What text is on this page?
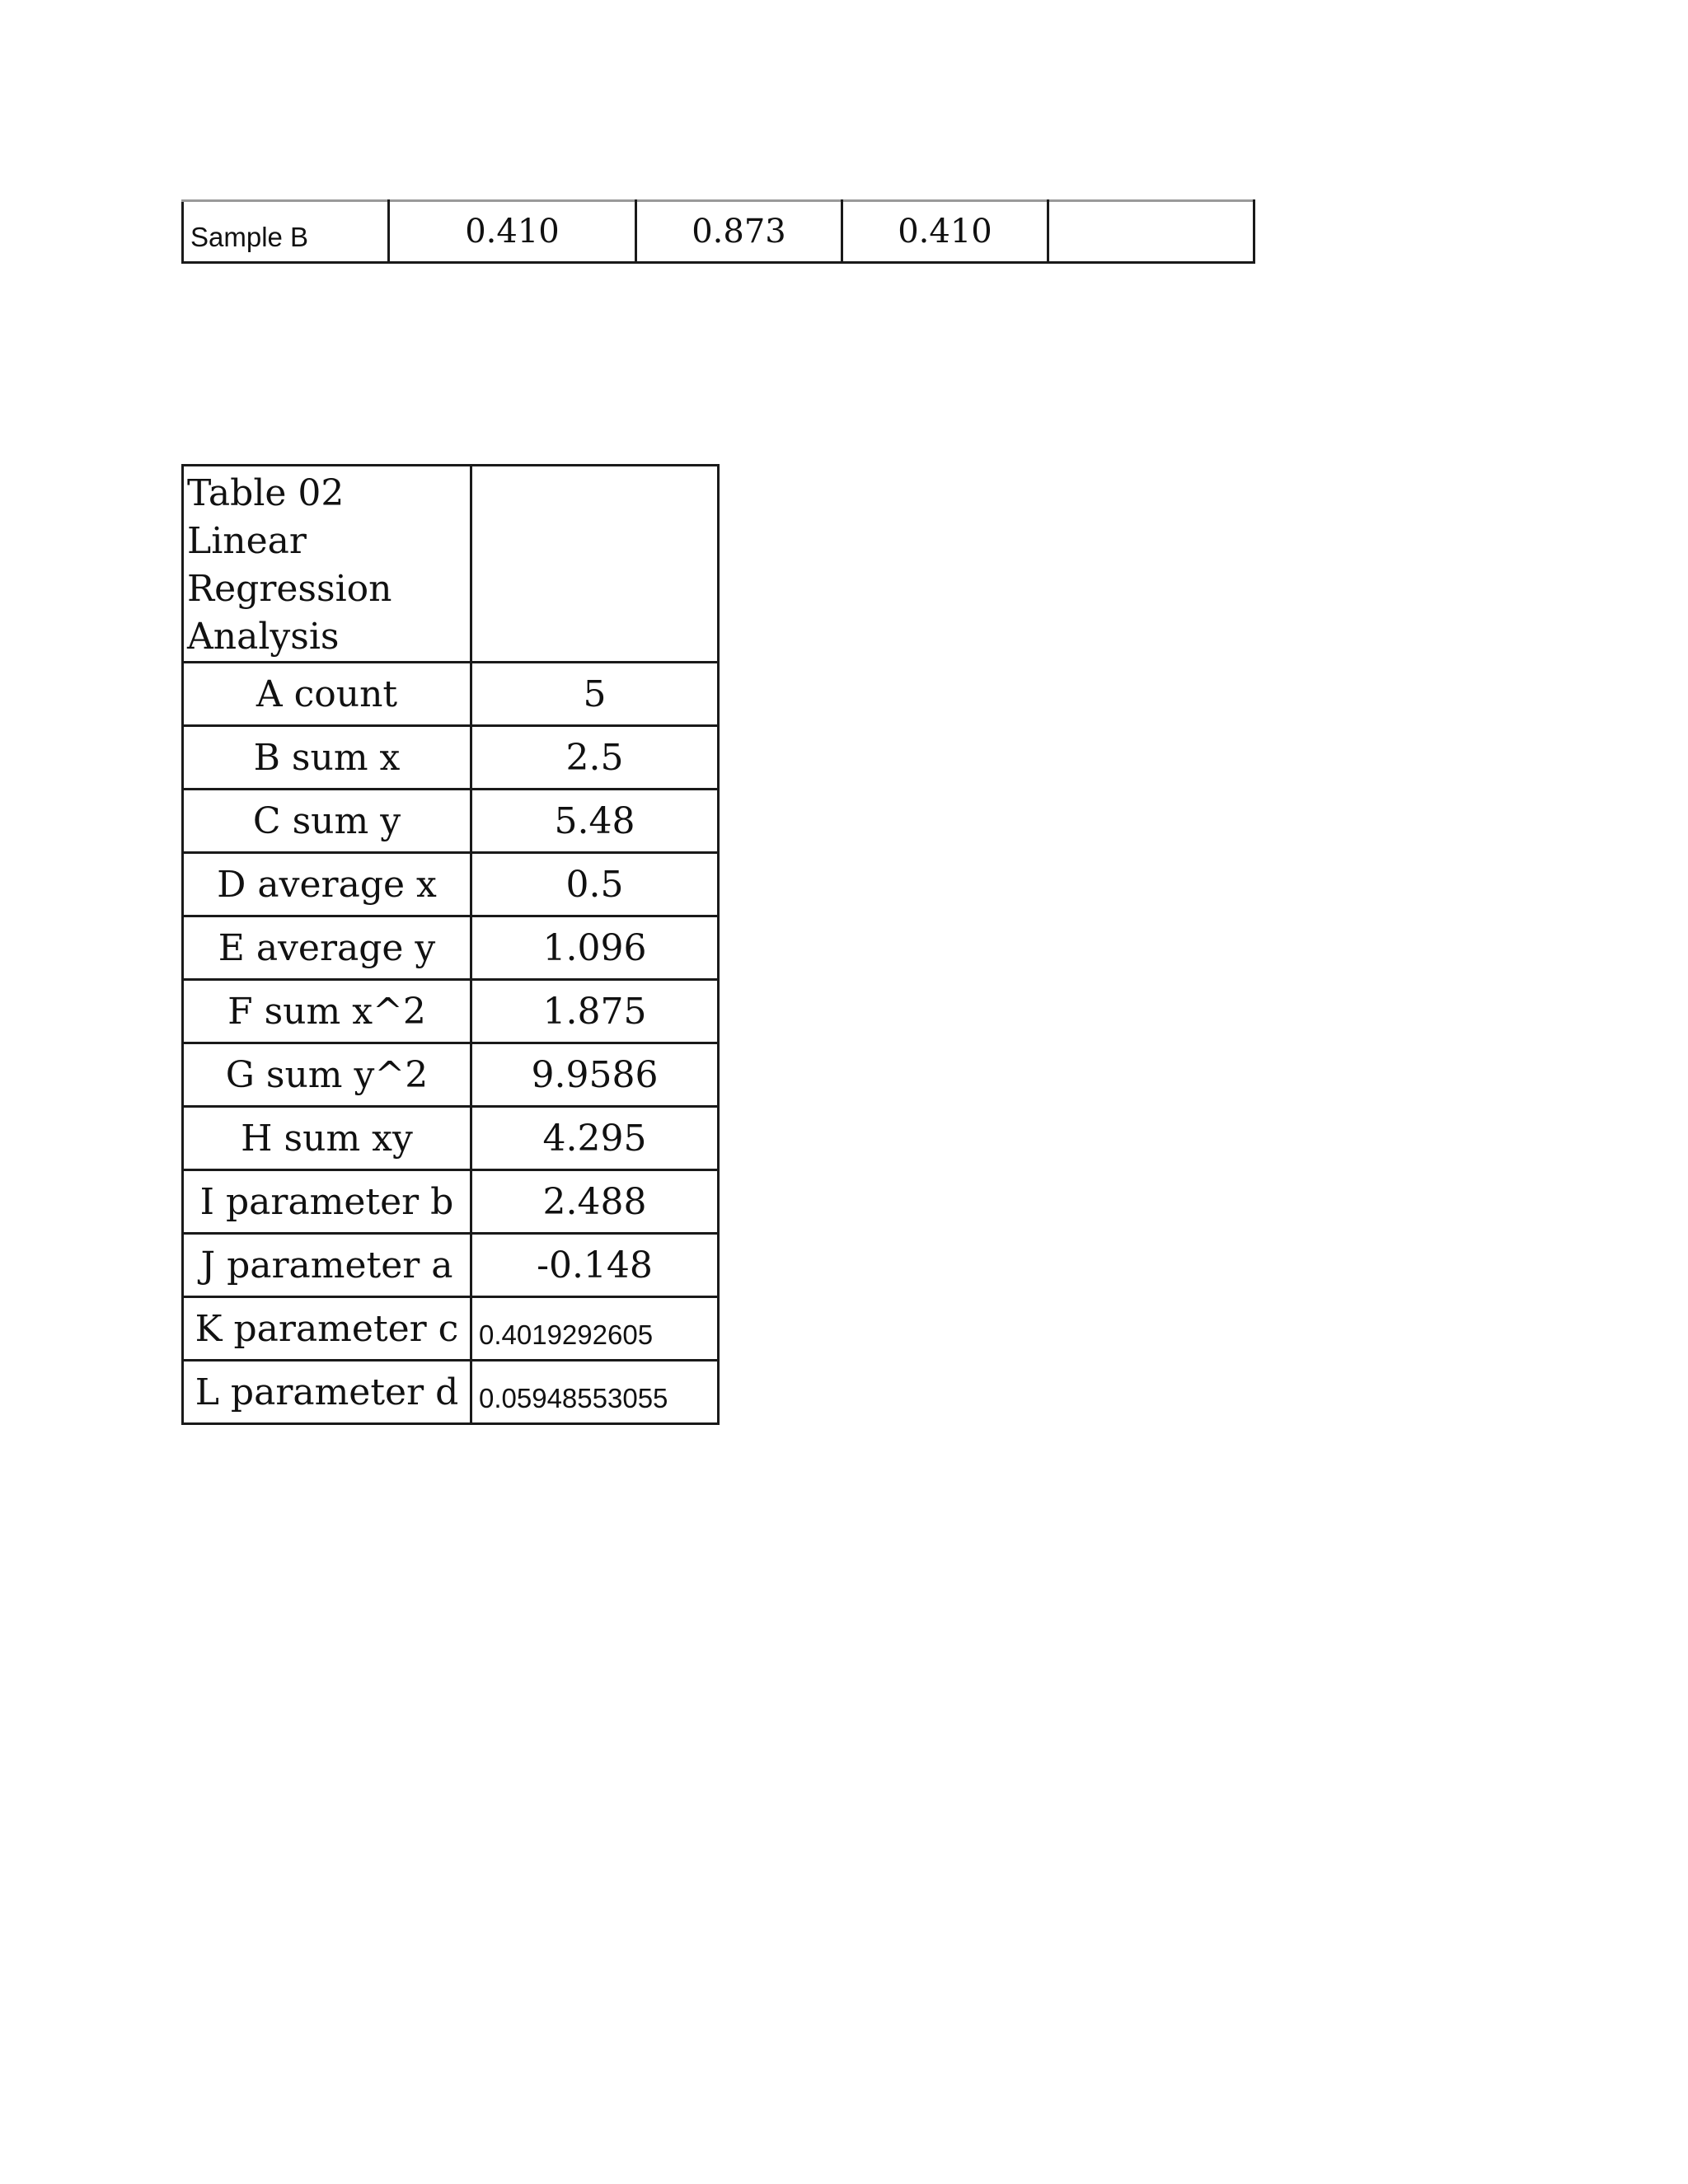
Sample B	0.410	0.873	0.410	
Table 02 Linear Regression Analysis	
A count	5
B sum x	2.5
C sum y	5.48
D average x	0.5
E average y	1.096
F sum x^2	1.875
G sum y^2	9.9586
H sum xy	4.295
I parameter b	2.488
J parameter a	-0.148
K parameter c	0.4019292605
L parameter d	0.05948553055
